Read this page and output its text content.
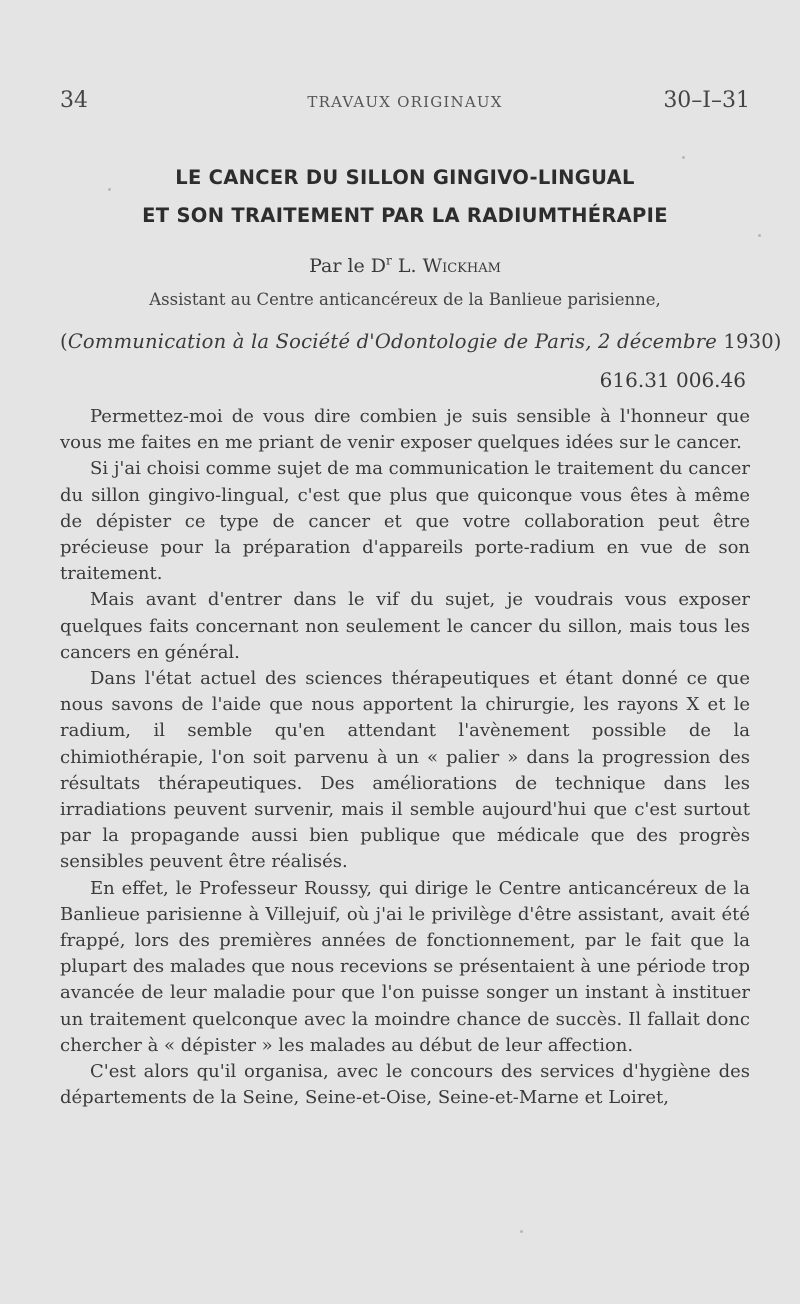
34	TRAVAUX ORIGINAUX	30–I–31
LE CANCER DU SILLON GINGIVO-LINGUAL
ET SON TRAITEMENT PAR LA RADIUMTHÉRAPIE
Par le $D^r$ L. Wickham
Assistant au Centre anticancéreux de la Banlieue parisienne,
(Communication à la Société d'Odontologie de Paris, 2 décembre 1930)
616.31 006.46

Permettez-moi de vous dire combien je suis sensible à l'honneur que vous me faites en me priant de venir exposer quelques idées sur le cancer.

Si j'ai choisi comme sujet de ma communication le traitement du cancer du sillon gingivo-lingual, c'est que plus que quiconque vous êtes à même de dépister ce type de cancer et que votre collaboration peut être précieuse pour la préparation d'appareils porte-radium en vue de son traitement.

Mais avant d'entrer dans le vif du sujet, je voudrais vous exposer quelques faits concernant non seulement le cancer du sillon, mais tous les cancers en général.

Dans l'état actuel des sciences thérapeutiques et étant donné ce que nous savons de l'aide que nous apportent la chirurgie, les rayons X et le radium, il semble qu'en attendant l'avènement possible de la chimiothérapie, l'on soit parvenu à un « palier » dans la progression des résultats thérapeutiques. Des améliorations de technique dans les irradiations peuvent survenir, mais il semble aujourd'hui que c'est surtout par la propagande aussi bien publique que médicale que des progrès sensibles peuvent être réalisés.

En effet, le Professeur Roussy, qui dirige le Centre anticancéreux de la Banlieue parisienne à Villejuif, où j'ai le privilège d'être assistant, avait été frappé, lors des premières années de fonctionnement, par le fait que la plupart des malades que nous recevions se présentaient à une période trop avancée de leur maladie pour que l'on puisse songer un instant à instituer un traitement quelconque avec la moindre chance de succès. Il fallait donc chercher à « dépister » les malades au début de leur affection.

C'est alors qu'il organisa, avec le concours des services d'hygiène des départements de la Seine, Seine-et-Oise, Seine-et-Marne et Loiret,
